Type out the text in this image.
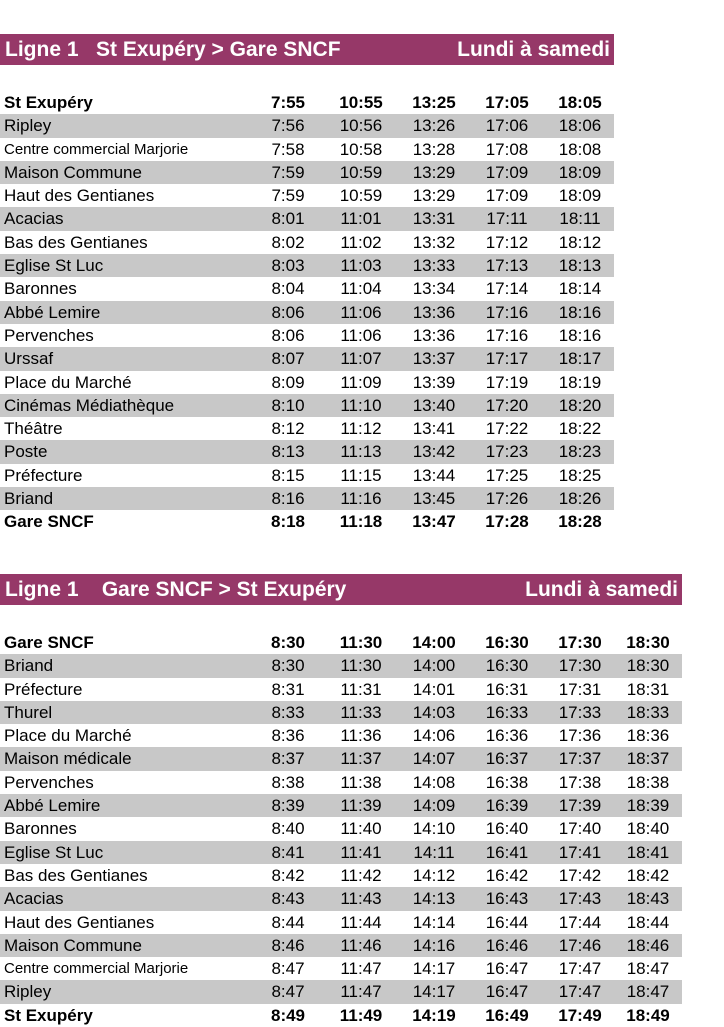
Ligne 1   St Exupéry > Gare SNCF	Lundi à samedi
St Exupéry	7:55	10:55	13:25	17:05	18:05
Ripley	7:56	10:56	13:26	17:06	18:06
Centre commercial Marjorie	7:58	10:58	13:28	17:08	18:08
Maison Commune	7:59	10:59	13:29	17:09	18:09
Haut des Gentianes	7:59	10:59	13:29	17:09	18:09
Acacias	8:01	11:01	13:31	17:11	18:11
Bas des Gentianes	8:02	11:02	13:32	17:12	18:12
Eglise St Luc	8:03	11:03	13:33	17:13	18:13
Baronnes	8:04	11:04	13:34	17:14	18:14
Abbé Lemire	8:06	11:06	13:36	17:16	18:16
Pervenches	8:06	11:06	13:36	17:16	18:16
Urssaf	8:07	11:07	13:37	17:17	18:17
Place du Marché	8:09	11:09	13:39	17:19	18:19
Cinémas Médiathèque	8:10	11:10	13:40	17:20	18:20
Théâtre	8:12	11:12	13:41	17:22	18:22
Poste	8:13	11:13	13:42	17:23	18:23
Préfecture	8:15	11:15	13:44	17:25	18:25
Briand	8:16	11:16	13:45	17:26	18:26
Gare SNCF	8:18	11:18	13:47	17:28	18:28
Ligne 1    Gare SNCF > St Exupéry	Lundi à samedi
Gare SNCF	8:30	11:30	14:00	16:30	17:30	18:30
Briand	8:30	11:30	14:00	16:30	17:30	18:30
Préfecture	8:31	11:31	14:01	16:31	17:31	18:31
Thurel	8:33	11:33	14:03	16:33	17:33	18:33
Place du Marché	8:36	11:36	14:06	16:36	17:36	18:36
Maison médicale	8:37	11:37	14:07	16:37	17:37	18:37
Pervenches	8:38	11:38	14:08	16:38	17:38	18:38
Abbé Lemire	8:39	11:39	14:09	16:39	17:39	18:39
Baronnes	8:40	11:40	14:10	16:40	17:40	18:40
Eglise St Luc	8:41	11:41	14:11	16:41	17:41	18:41
Bas des Gentianes	8:42	11:42	14:12	16:42	17:42	18:42
Acacias	8:43	11:43	14:13	16:43	17:43	18:43
Haut des Gentianes	8:44	11:44	14:14	16:44	17:44	18:44
Maison Commune	8:46	11:46	14:16	16:46	17:46	18:46
Centre commercial Marjorie	8:47	11:47	14:17	16:47	17:47	18:47
Ripley	8:47	11:47	14:17	16:47	17:47	18:47
St Exupéry	8:49	11:49	14:19	16:49	17:49	18:49
